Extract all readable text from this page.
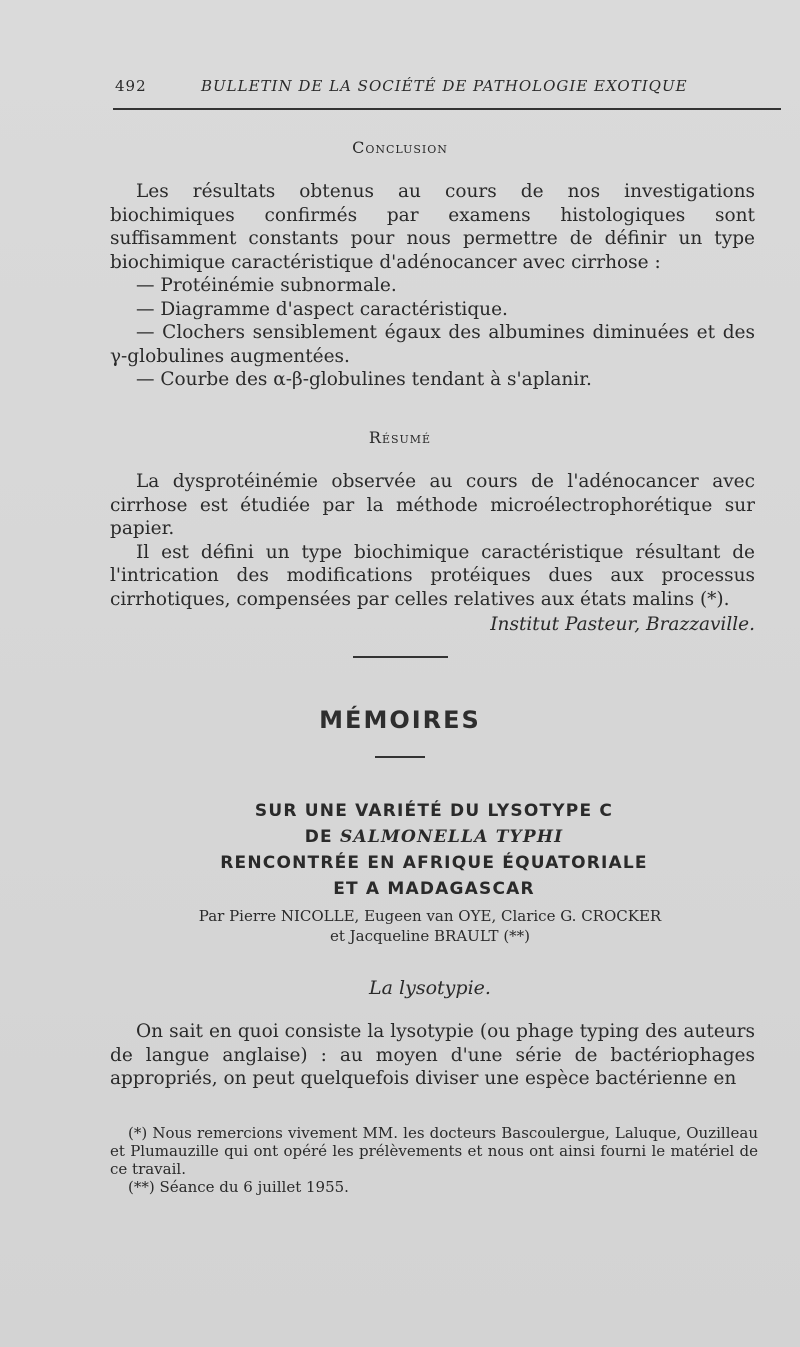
492	BULLETIN DE LA SOCIÉTÉ DE PATHOLOGIE EXOTIQUE
Conclusion

Les résultats obtenus au cours de nos investigations biochimiques confirmés par examens histologiques sont suffisamment constants pour nous permettre de définir un type biochimique caractéristique d'adénocancer avec cirrhose :

— Protéinémie subnormale.

— Diagramme d'aspect caractéristique.

— Clochers sensiblement égaux des albumines diminuées et des γ-globulines augmentées.

— Courbe des α-β-globulines tendant à s'aplanir.

Résumé

La dysprotéinémie observée au cours de l'adénocancer avec cirrhose est étudiée par la méthode microélectrophorétique sur papier.

Il est défini un type biochimique caractéristique résultant de l'intrication des modifications protéiques dues aux processus cirrhotiques, compensées par celles relatives aux états malins (*).

Institut Pasteur, Brazzaville.

MÉMOIRES
SUR UNE VARIÉTÉ DU LYSOTYPE C
DE SALMONELLA TYPHI
RENCONTRÉE EN AFRIQUE ÉQUATORIALE
ET A MADAGASCAR
Par Pierre NICOLLE, Eugeen van OYE, Clarice G. CROCKER
et Jacqueline BRAULT (**)
La lysotypie.

On sait en quoi consiste la lysotypie (ou phage typing des auteurs de langue anglaise) : au moyen d'une série de bactériophages appropriés, on peut quelquefois diviser une espèce bactérienne en

(*) Nous remercions vivement MM. les docteurs Bascoulergue, Laluque, Ouzilleau et Plumauzille qui ont opéré les prélèvements et nous ont ainsi fourni le matériel de ce travail.

(**) Séance du 6 juillet 1955.
